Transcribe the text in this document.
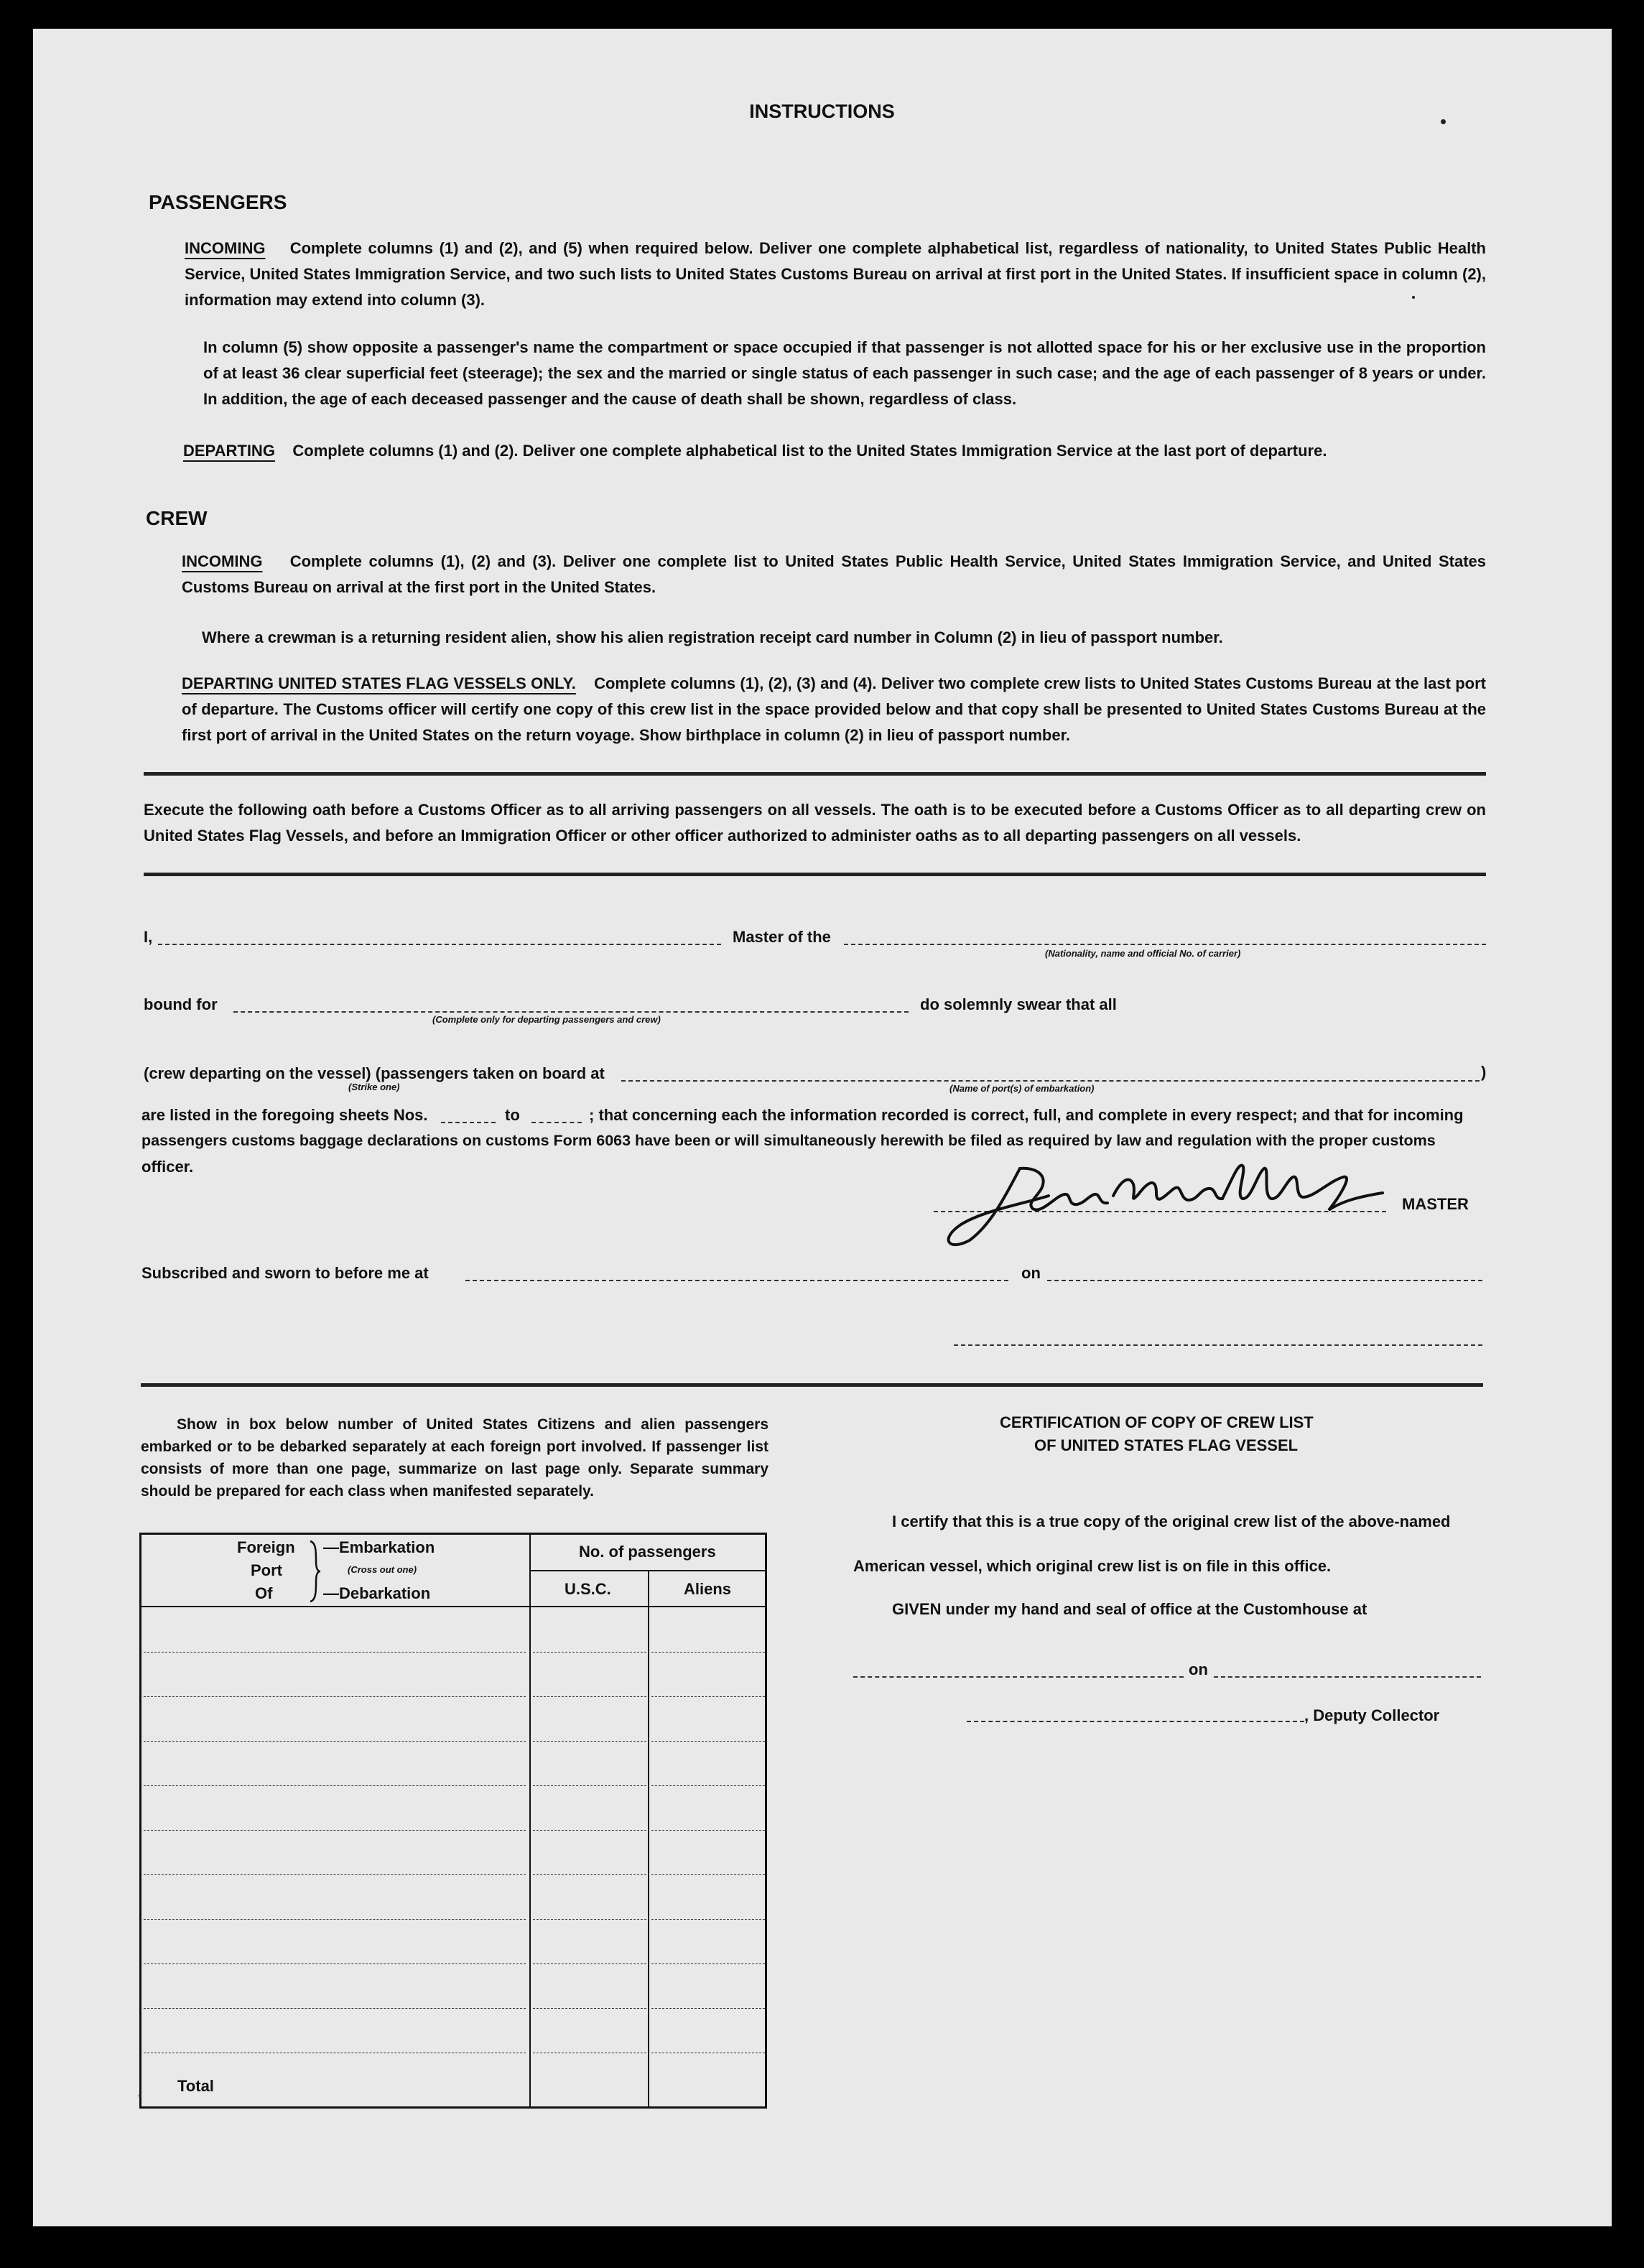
INSTRUCTIONS
PASSENGERS
INCOMING Complete columns (1) and (2), and (5) when required below. Deliver one complete alphabetical list, regardless of nationality, to United States Public Health Service, United States Immigration Service, and two such lists to United States Customs Bureau on arrival at first port in the United States. If insufficient space in column (2), information may extend into column (3).
In column (5) show opposite a passenger's name the compartment or space occupied if that passenger is not allotted space for his or her exclusive use in the proportion of at least 36 clear superficial feet (steerage); the sex and the married or single status of each passenger in such case; and the age of each passenger of 8 years or under. In addition, the age of each deceased passenger and the cause of death shall be shown, regardless of class.
DEPARTING Complete columns (1) and (2). Deliver one complete alphabetical list to the United States Immigration Service at the last port of departure.
CREW
INCOMING Complete columns (1), (2) and (3). Deliver one complete list to United States Public Health Service, United States Immigration Service, and United States Customs Bureau on arrival at the first port in the United States.
Where a crewman is a returning resident alien, show his alien registration receipt card number in Column (2) in lieu of passport number.
DEPARTING UNITED STATES FLAG VESSELS ONLY. Complete columns (1), (2), (3) and (4). Deliver two complete crew lists to United States Customs Bureau at the last port of departure. The Customs officer will certify one copy of this crew list in the space provided below and that copy shall be presented to United States Customs Bureau at the first port of arrival in the United States on the return voyage. Show birthplace in column (2) in lieu of passport number.
Execute the following oath before a Customs Officer as to all arriving passengers on all vessels. The oath is to be executed before a Customs Officer as to all departing crew on United States Flag Vessels, and before an Immigration Officer or other officer authorized to administer oaths as to all departing passengers on all vessels.
I,	Master of the
(Nationality, name and official No. of carrier)
bound for
(Complete only for departing passengers and crew)
do solemnly swear that all
(crew departing on the vessel) (passengers taken on board at
(Strike one)
)
(Name of port(s) of embarkation)
are listed in the foregoing sheets Nos.	to	; that concerning each the information recorded is correct, full, and complete in every respect; and that for incoming
passengers customs baggage declarations on customs Form 6063 have been or will simultaneously herewith be filed as required by law and regulation with the proper customs
officer.
MASTER
Subscribed and sworn to before me at	on
Show in box below number of United States Citizens and alien passengers embarked or to be debarked separately at each foreign port involved. If passenger list consists of more than one page, summarize on last page only. Separate summary should be prepared for each class when manifested separately.
Foreign
Port
Of
—Embarkation
(Cross out one)
—Debarkation
No. of passengers
U.S.C.	Aliens
Total
CERTIFICATION OF COPY OF CREW LIST
OF UNITED STATES FLAG VESSEL
I certify that this is a true copy of the original crew list of the above-named
American vessel, which original crew list is on file in this office.
GIVEN under my hand and seal of office at the Customhouse at
on
, Deputy Collector
